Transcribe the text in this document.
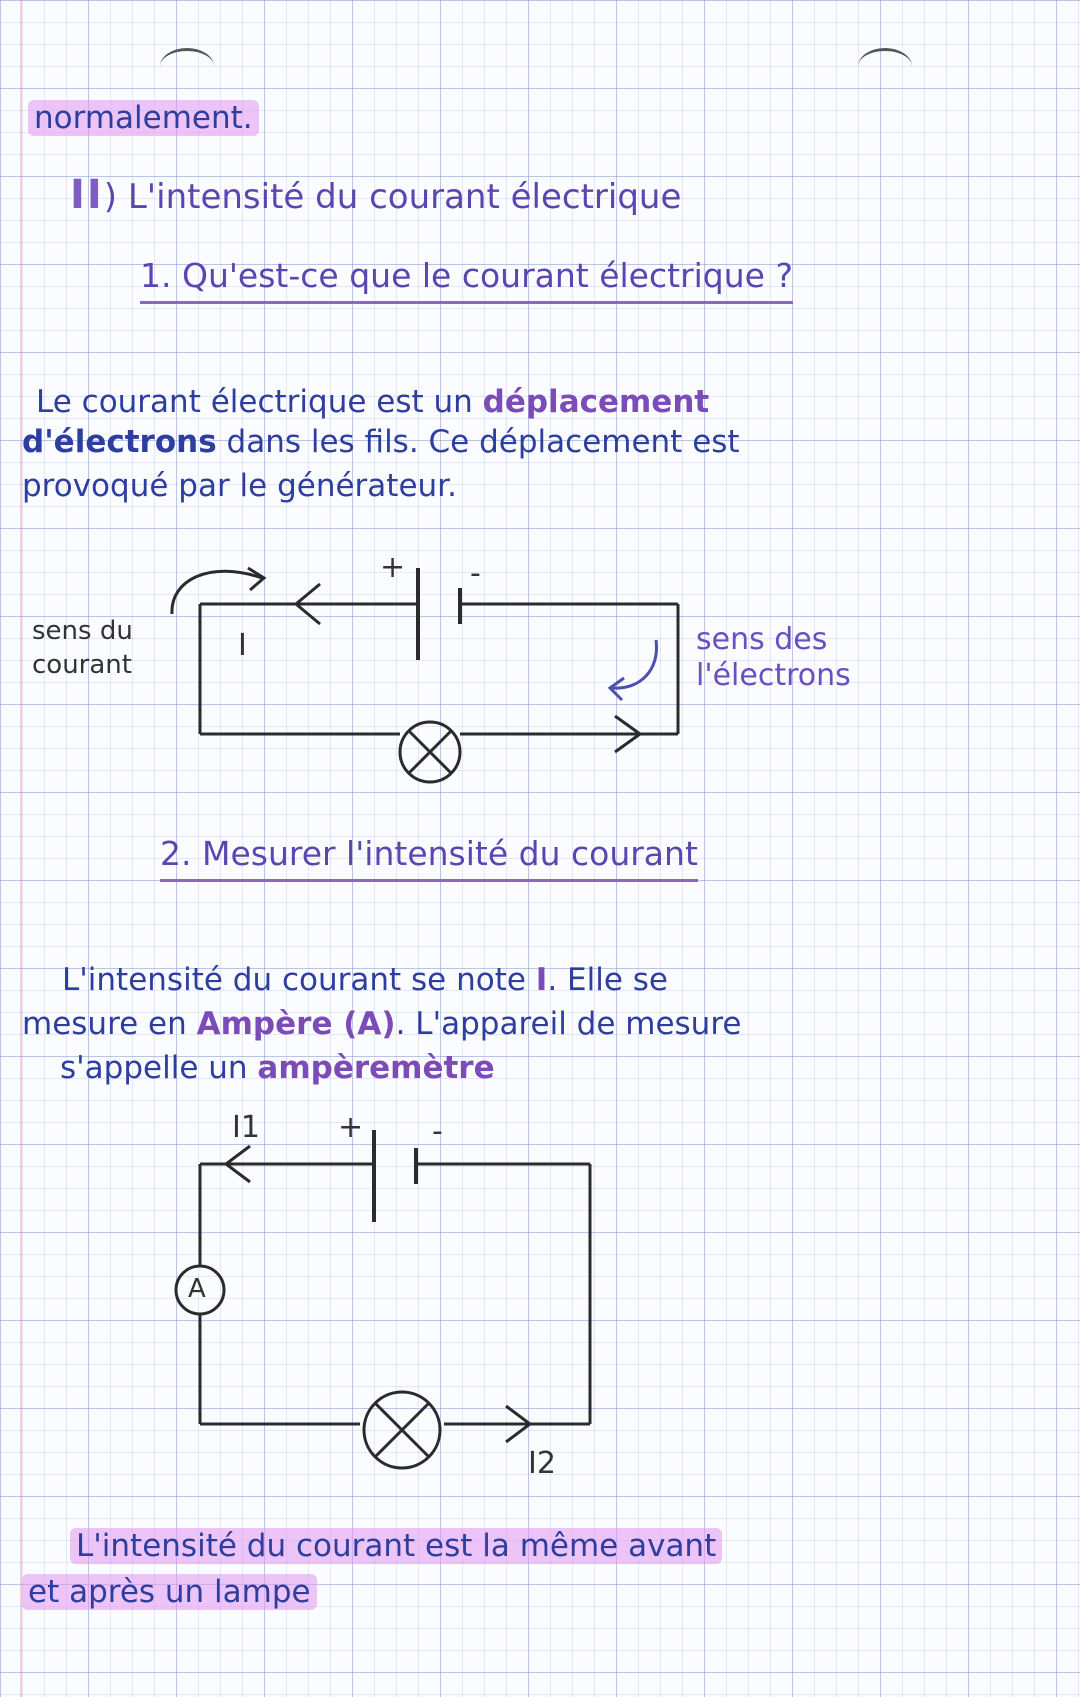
normalement.
II) L'intensité du courant électrique
1. Qu'est-ce que le courant électrique ?
Le courant électrique est un déplacement
d'électrons dans les fils. Ce déplacement est
provoqué par le générateur.
+ -
sens du
courant
I	sens des
l'électrons
2. Mesurer l'intensité du courant
L'intensité du courant se note I. Elle se
mesure en Ampère (A). L'appareil de mesure
s'appelle un ampèremètre
I1	+ -
A
I2
L'intensité du courant est la même avant
et après un lampe
